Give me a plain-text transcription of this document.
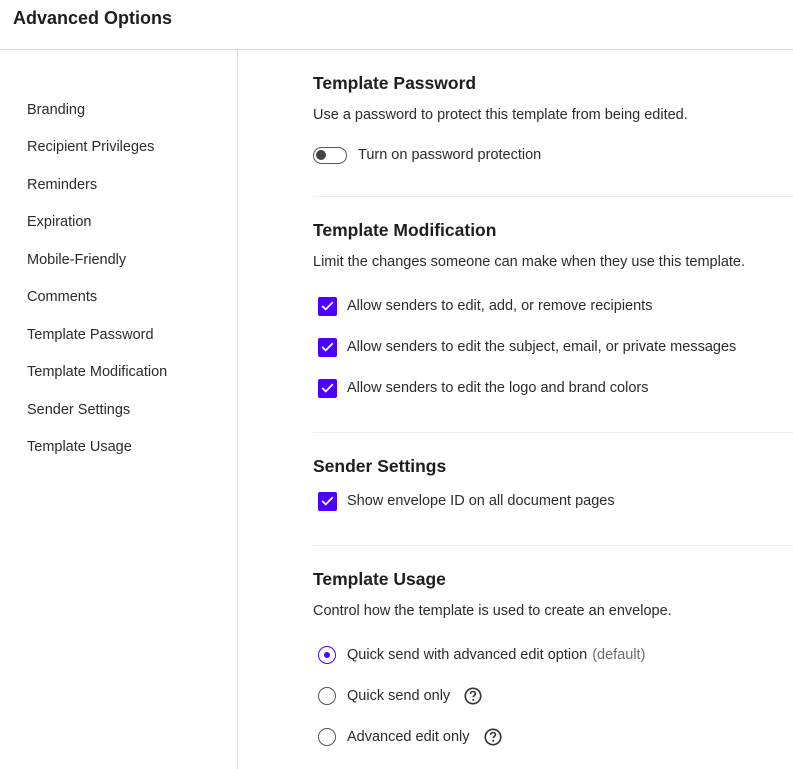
Advanced Options
Branding
Recipient Privileges
Reminders
Expiration
Mobile-Friendly
Comments
Template Password
Template Modification
Sender Settings
Template Usage
Template Password
Use a password to protect this template from being edited.
Turn on password protection
Template Modification
Limit the changes someone can make when they use this template.
Allow senders to edit, add, or remove recipients
Allow senders to edit the subject, email, or private messages
Allow senders to edit the logo and brand colors
Sender Settings
Show envelope ID on all document pages
Template Usage
Control how the template is used to create an envelope.
Quick send with advanced edit option (default)
Quick send only
Advanced edit only
